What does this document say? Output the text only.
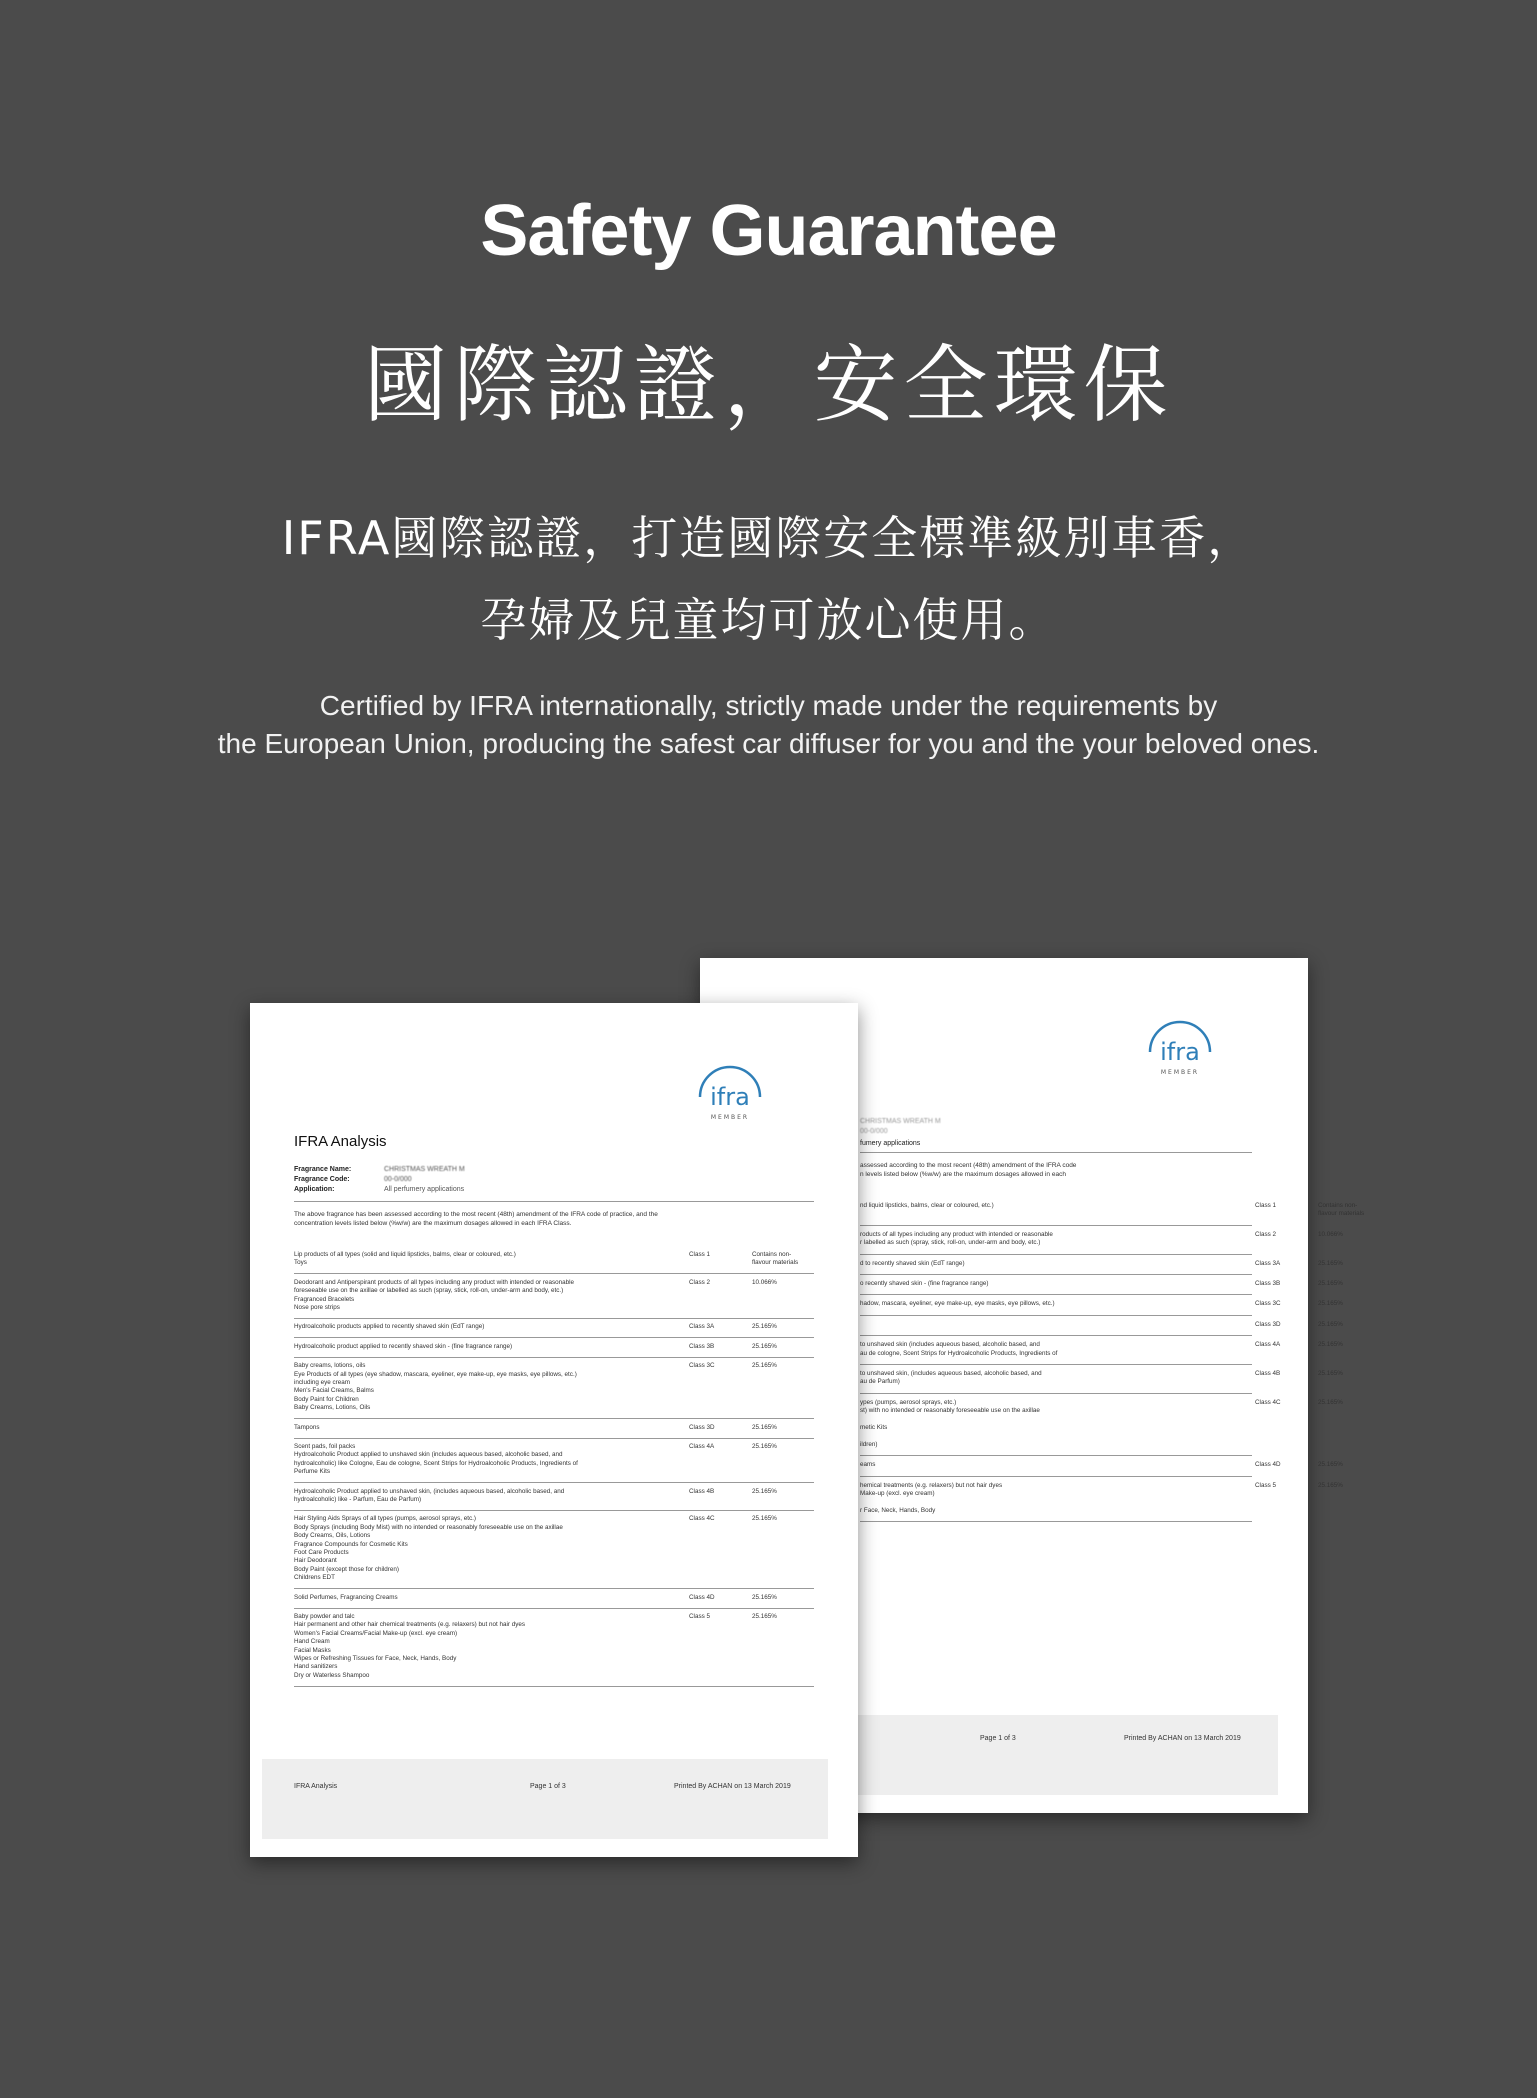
Safety Guarantee
國際認證，安全環保
IFRA國際認證，打造國際安全標準級別車香，
孕婦及兒童均可放心使用。
Certified by IFRA internationally, strictly made under the requirements by
the European Union, producing the safest car diffuser for you and the your beloved ones.
ifra
MEMBER
CHRISTMAS WREATH M
00-0/000
fumery applications
assessed according to the most recent (48th) amendment of the IFRA code
n levels listed below (%w/w) are the maximum dosages allowed in each
nd liquid lipsticks, balms, clear or coloured, etc.)	Class 1	Contains non-
flavour materials
roducts of all types including any product with intended or reasonable
r labelled as such (spray, stick, roll-on, under-arm and body, etc.)
Class 2	10.066%
d to recently shaved skin (EdT range)	Class 3A	25.165%
o recently shaved skin - (fine fragrance range)	Class 3B	25.165%
hadow, mascara, eyeliner, eye make-up, eye masks, eye pillows, etc.)	Class 3C	25.165%
Class 3D	25.165%
to unshaved skin (includes aqueous based, alcoholic based, and
au de cologne, Scent Strips for Hydroalcoholic Products, Ingredients of
Class 4A	25.165%
to unshaved skin, (includes aqueous based, alcoholic based, and
au de Parfum)
Class 4B	25.165%
ypes (pumps, aerosol sprays, etc.)
st) with no intended or reasonably foreseeable use on the axillae

metic Kits

ildren)
Class 4C	25.165%
eams	Class 4D	25.165%
hemical treatments (e.g. relaxers) but not hair dyes
Make-up (excl. eye cream)

r Face, Neck, Hands, Body
Class 5	25.165%
Page 1 of 3	Printed By ACHAN on 13 March 2019
ifra
MEMBER
IFRA Analysis
Fragrance Name:	CHRISTMAS WREATH M
Fragrance Code:	00-0/000
Application:	All perfumery applications
The above fragrance has been assessed according to the most recent (48th) amendment of the IFRA code of practice, and the concentration levels listed below (%w/w) are the maximum dosages allowed in each IFRA Class.
Lip products of all types (solid and liquid lipsticks, balms, clear or coloured, etc.)
Toys
Class 1	Contains non-
flavour materials
Deodorant and Antiperspirant products of all types including any product with intended or reasonable
foreseeable use on the axillae or labelled as such (spray, stick, roll-on, under-arm and body, etc.)
Fragranced Bracelets
Nose pore strips
Class 2	10.066%
Hydroalcoholic products applied to recently shaved skin (EdT range)	Class 3A	25.165%
Hydroalcoholic product applied to recently shaved skin - (fine fragrance range)	Class 3B	25.165%
Baby creams, lotions, oils
Eye Products of all types (eye shadow, mascara, eyeliner, eye make-up, eye masks, eye pillows, etc.)
including eye cream
Men's Facial Creams, Balms
Body Paint for Children
Baby Creams, Lotions, Oils
Class 3C	25.165%
Tampons	Class 3D	25.165%
Scent pads, foil packs
Hydroalcoholic Product applied to unshaved skin (includes aqueous based, alcoholic based, and
hydroalcoholic) like Cologne, Eau de cologne, Scent Strips for Hydroalcoholic Products, Ingredients of
Perfume Kits
Class 4A	25.165%
Hydroalcoholic Product applied to unshaved skin, (includes aqueous based, alcoholic based, and
hydroalcoholic) like - Parfum, Eau de Parfum)
Class 4B	25.165%
Hair Styling Aids Sprays of all types (pumps, aerosol sprays, etc.)
Body Sprays (including Body Mist) with no intended or reasonably foreseeable use on the axillae
Body Creams, Oils, Lotions
Fragrance Compounds for Cosmetic Kits
Foot Care Products
Hair Deodorant
Body Paint (except those for children)
Childrens EDT
Class 4C	25.165%
Solid Perfumes, Fragrancing Creams	Class 4D	25.165%
Baby powder and talc
Hair permanent and other hair chemical treatments (e.g. relaxers) but not hair dyes
Women's Facial Creams/Facial Make-up (excl. eye cream)
Hand Cream
Facial Masks
Wipes or Refreshing Tissues for Face, Neck, Hands, Body
Hand sanitizers
Dry or Waterless Shampoo
Class 5	25.165%
IFRA Analysis	Page 1 of 3	Printed By ACHAN on 13 March 2019
